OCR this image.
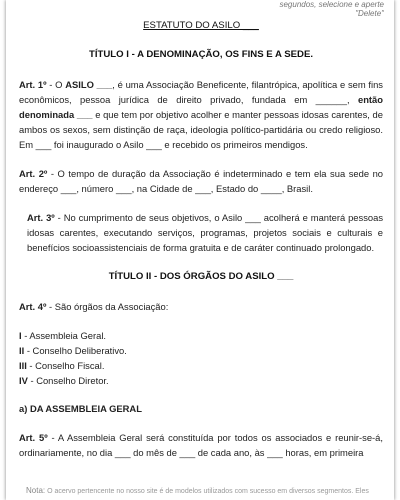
segundos, selecione e aperte
"Delete"
ESTATUTO DO ASILO ___
TÍTULO I - A DENOMINAÇÃO, OS FINS E A SEDE.

Art. 1º - O ASILO ___, é uma Associação Beneficente, filantrópica, apolítica e sem fins econômicos, pessoa jurídica de direito privado, fundada em ______, então denominada ___ e que tem por objetivo acolher e manter pessoas idosas carentes, de ambos os sexos, sem distinção de raça, ideologia político-partidária ou credo religioso. Em ___ foi inaugurado o Asilo ___ e recebido os primeiros mendigos.

Art. 2º - O tempo de duração da Associação é indeterminado e tem ela sua sede no endereço ___, número ___, na Cidade de ___, Estado do ____, Brasil.

Art. 3º - No cumprimento de seus objetivos, o Asilo ___ acolherá e manterá pessoas idosas carentes, executando serviços, programas, projetos sociais e culturais e benefícios socioassistenciais de forma gratuita e de caráter continuado prolongado.

TÍTULO II - DOS ÓRGÃOS DO ASILO ___

Art. 4º - São órgãos da Associação:

I - Assembleia Geral.
II - Conselho Deliberativo.
III - Conselho Fiscal.
IV - Conselho Diretor.
a) DA ASSEMBLEIA GERAL

Art. 5º - A Assembleia Geral será constituída por todos os associados e reunir-se-á, ordinariamente, no dia ___ do mês de ___ de cada ano, às ___ horas, em primeira

Nota: O acervo pertencente no nosso site é de modelos utilizados com sucesso em diversos segmentos. Eles
